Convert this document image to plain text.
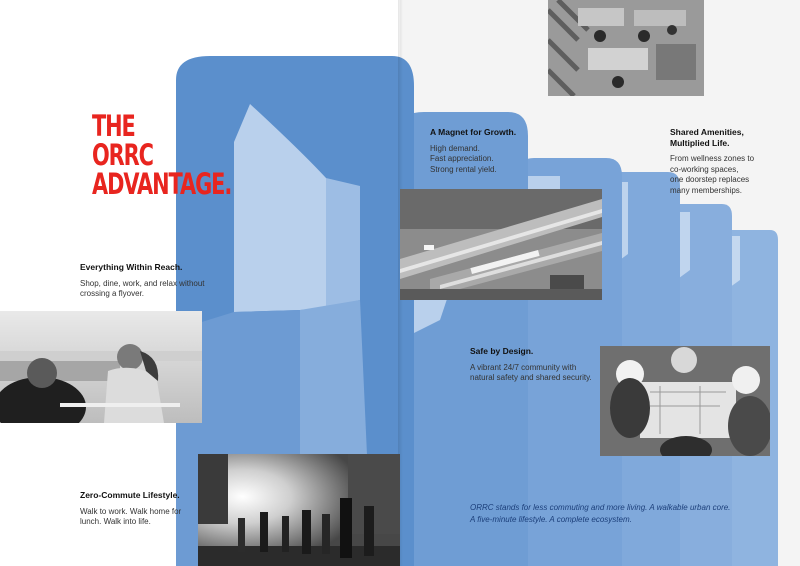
THE
ORRC
ADVANTAGE.
Everything Within Reach.

Shop, dine, work, and relax without
crossing a flyover.

Zero-Commute Lifestyle.

Walk to work. Walk home for
lunch. Walk into life.

A Magnet for Growth.

High demand.
Fast appreciation.
Strong rental yield.

Shared Amenities, Multiplied Life.

From wellness zones to
co-working spaces,
one doorstep replaces
many memberships.

Safe by Design.

A vibrant 24/7 community with
natural safety and shared security.

ORRC stands for less commuting and more living. A walkable urban core.
A five-minute lifestyle. A complete ecosystem.
